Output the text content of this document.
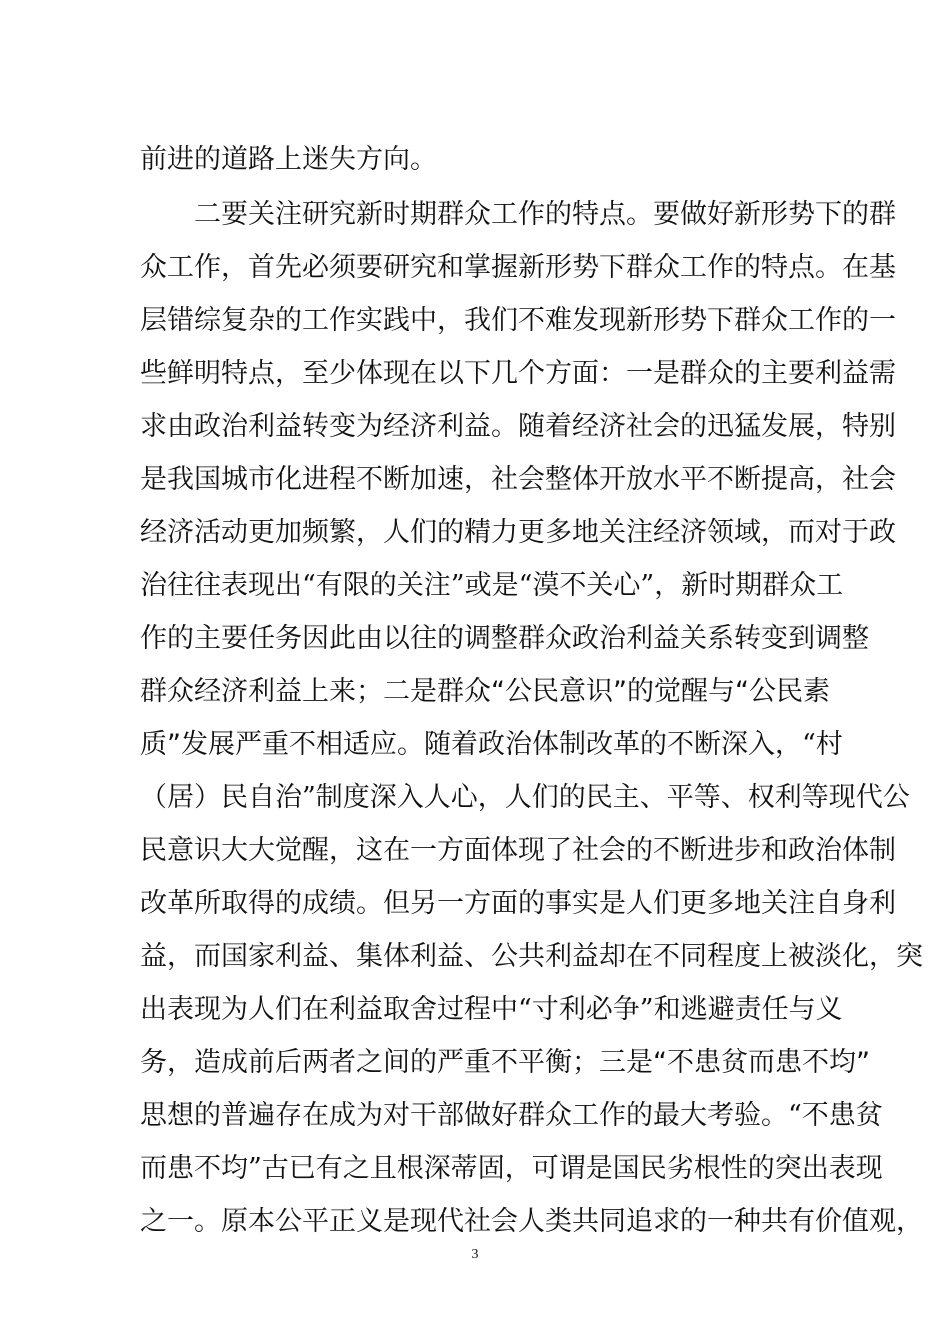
前进的道路上迷失方向。
二要关注研究新时期群众工作的特点。要做好新形势下的群
众工作，首先必须要研究和掌握新形势下群众工作的特点。在基
层错综复杂的工作实践中，我们不难发现新形势下群众工作的一
些鲜明特点，至少体现在以下几个方面：一是群众的主要利益需
求由政治利益转变为经济利益。随着经济社会的迅猛发展，特别
是我国城市化进程不断加速，社会整体开放水平不断提高，社会
经济活动更加频繁，人们的精力更多地关注经济领域，而对于政
治往往表现出“有限的关注”或是“漠不关心”，新时期群众工
作的主要任务因此由以往的调整群众政治利益关系转变到调整
群众经济利益上来；二是群众“公民意识”的觉醒与“公民素
质”发展严重不相适应。随着政治体制改革的不断深入，“村
（居）民自治”制度深入人心，人们的民主、平等、权利等现代公
民意识大大觉醒，这在一方面体现了社会的不断进步和政治体制
改革所取得的成绩。但另一方面的事实是人们更多地关注自身利
益，而国家利益、集体利益、公共利益却在不同程度上被淡化，突
出表现为人们在利益取舍过程中“寸利必争”和逃避责任与义
务，造成前后两者之间的严重不平衡；三是“不患贫而患不均”
思想的普遍存在成为对干部做好群众工作的最大考验。“不患贫
而患不均”古已有之且根深蒂固，可谓是国民劣根性的突出表现
之一。原本公平正义是现代社会人类共同追求的一种共有价值观，
3
